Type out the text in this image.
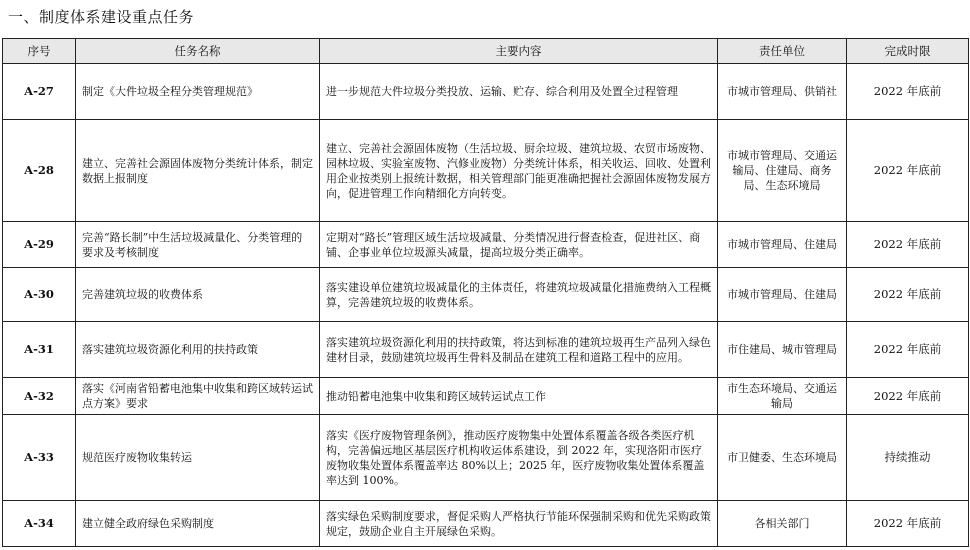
一、制度体系建设重点任务
序号	任务名称	主要内容	责任单位	完成时限
A-27	制定《大件垃圾全程分类管理规范》	进一步规范大件垃圾分类投放、运输、贮存、综合利用及处置全过程管理	市城市管理局、供销社	2022 年底前
A-28	建立、完善社会源固体废物分类统计体系，制定数据上报制度	建立、完善社会源固体废物（生活垃圾、厨余垃圾、建筑垃圾、农贸市场废物、园林垃圾、实验室废物、汽修业废物）分类统计体系，相关收运、回收、处置利用企业按类别上报统计数据，相关管理部门能更准确把握社会源固体废物发展方向，促进管理工作向精细化方向转变。	市城市管理局、交通运输局、住建局、商务局、生态环境局	2022 年底前
A-29	完善“路长制”中生活垃圾减量化、分类管理的要求及考核制度	定期对“路长”管理区域生活垃圾减量、分类情况进行督查检查，促进社区、商铺、企事业单位垃圾源头减量，提高垃圾分类正确率。	市城市管理局、住建局	2022 年底前
A-30	完善建筑垃圾的收费体系	落实建设单位建筑垃圾减量化的主体责任，将建筑垃圾减量化措施费纳入工程概算，完善建筑垃圾的收费体系。	市城市管理局、住建局	2022 年底前
A-31	落实建筑垃圾资源化利用的扶持政策	落实建筑垃圾资源化利用的扶持政策，将达到标准的建筑垃圾再生产品列入绿色建材目录，鼓励建筑垃圾再生骨料及制品在建筑工程和道路工程中的应用。	市住建局、城市管理局	2022 年底前
A-32	落实《河南省铅蓄电池集中收集和跨区域转运试点方案》要求	推动铅蓄电池集中收集和跨区域转运试点工作	市生态环境局、交通运输局	2022 年底前
A-33	规范医疗废物收集转运	落实《医疗废物管理条例》，推动医疗废物集中处置体系覆盖各级各类医疗机构，完善偏远地区基层医疗机构收运体系建设，到 2022 年，实现洛阳市医疗废物收集处置体系覆盖率达 80%以上；2025 年，医疗废物收集处置体系覆盖率达到 100%。	市卫健委、生态环境局	持续推动
A-34	建立健全政府绿色采购制度	落实绿色采购制度要求，督促采购人严格执行节能环保强制采购和优先采购政策规定，鼓励企业自主开展绿色采购。	各相关部门	2022 年底前
